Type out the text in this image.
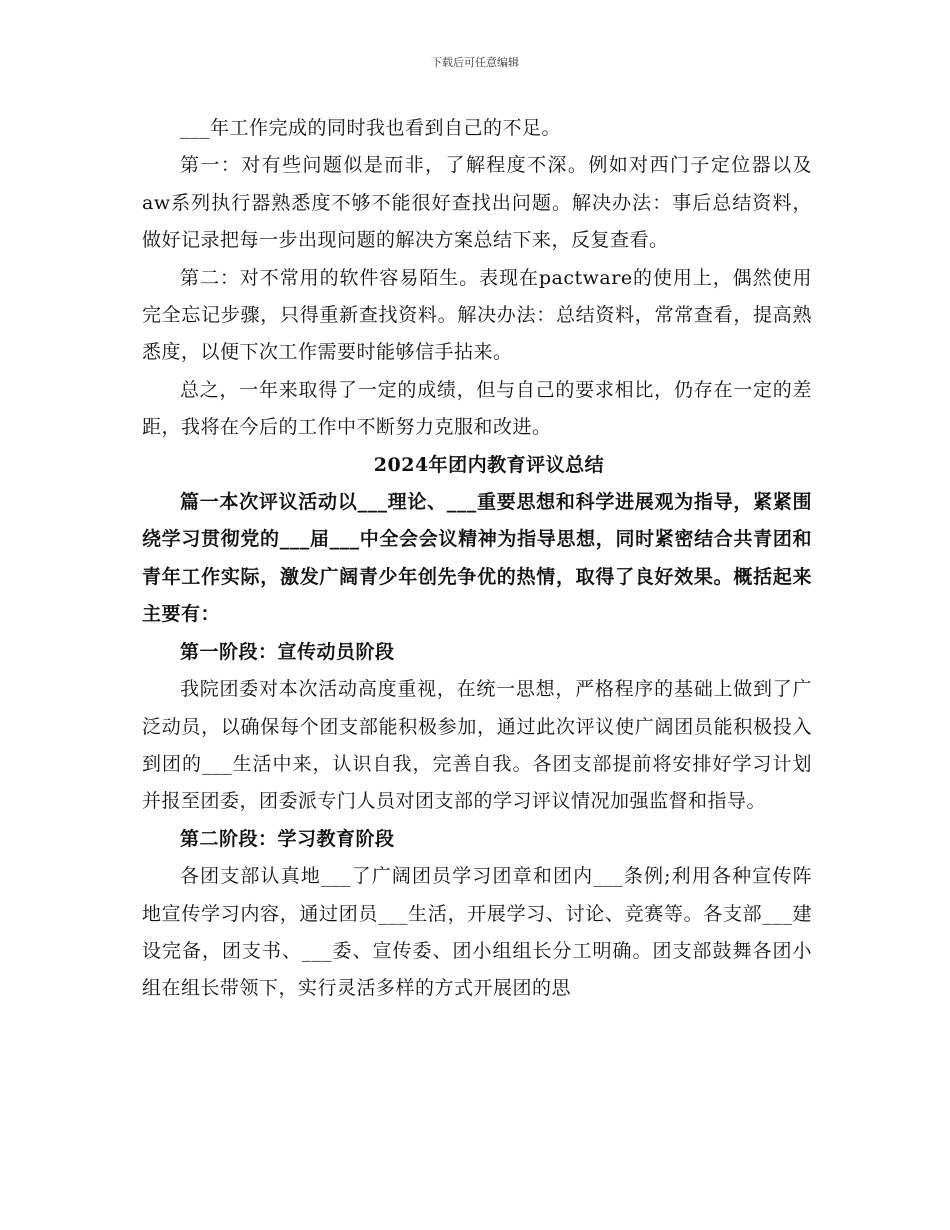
下载后可任意编辑

___年工作完成的同时我也看到自己的不足。

第一：对有些问题似是而非，了解程度不深。例如对西门子定位器以及aw系列执行器熟悉度不够不能很好查找出问题。解决办法：事后总结资料，做好记录把每一步出现问题的解决方案总结下来，反复查看。

第二：对不常用的软件容易陌生。表现在pactware的使用上，偶然使用完全忘记步骤，只得重新查找资料。解决办法：总结资料，常常查看，提高熟悉度，以便下次工作需要时能够信手拈来。

总之，一年来取得了一定的成绩，但与自己的要求相比，仍存在一定的差距，我将在今后的工作中不断努力克服和改进。

2024年团内教育评议总结

篇一本次评议活动以___理论、___重要思想和科学进展观为指导，紧紧围绕学习贯彻党的___届___中全会会议精神为指导思想，同时紧密结合共青团和青年工作实际，激发广阔青少年创先争优的热情，取得了良好效果。概括起来主要有：

第一阶段：宣传动员阶段

我院团委对本次活动高度重视，在统一思想，严格程序的基础上做到了广泛动员，以确保每个团支部能积极参加，通过此次评议使广阔团员能积极投入到团的___生活中来，认识自我，完善自我。各团支部提前将安排好学习计划并报至团委，团委派专门人员对团支部的学习评议情况加强监督和指导。

第二阶段：学习教育阶段

各团支部认真地___了广阔团员学习团章和团内___条例;利用各种宣传阵地宣传学习内容，通过团员___生活，开展学习、讨论、竞赛等。各支部___建设完备，团支书、___委、宣传委、团小组组长分工明确。团支部鼓舞各团小组在组长带领下，实行灵活多样的方式开展团的思
